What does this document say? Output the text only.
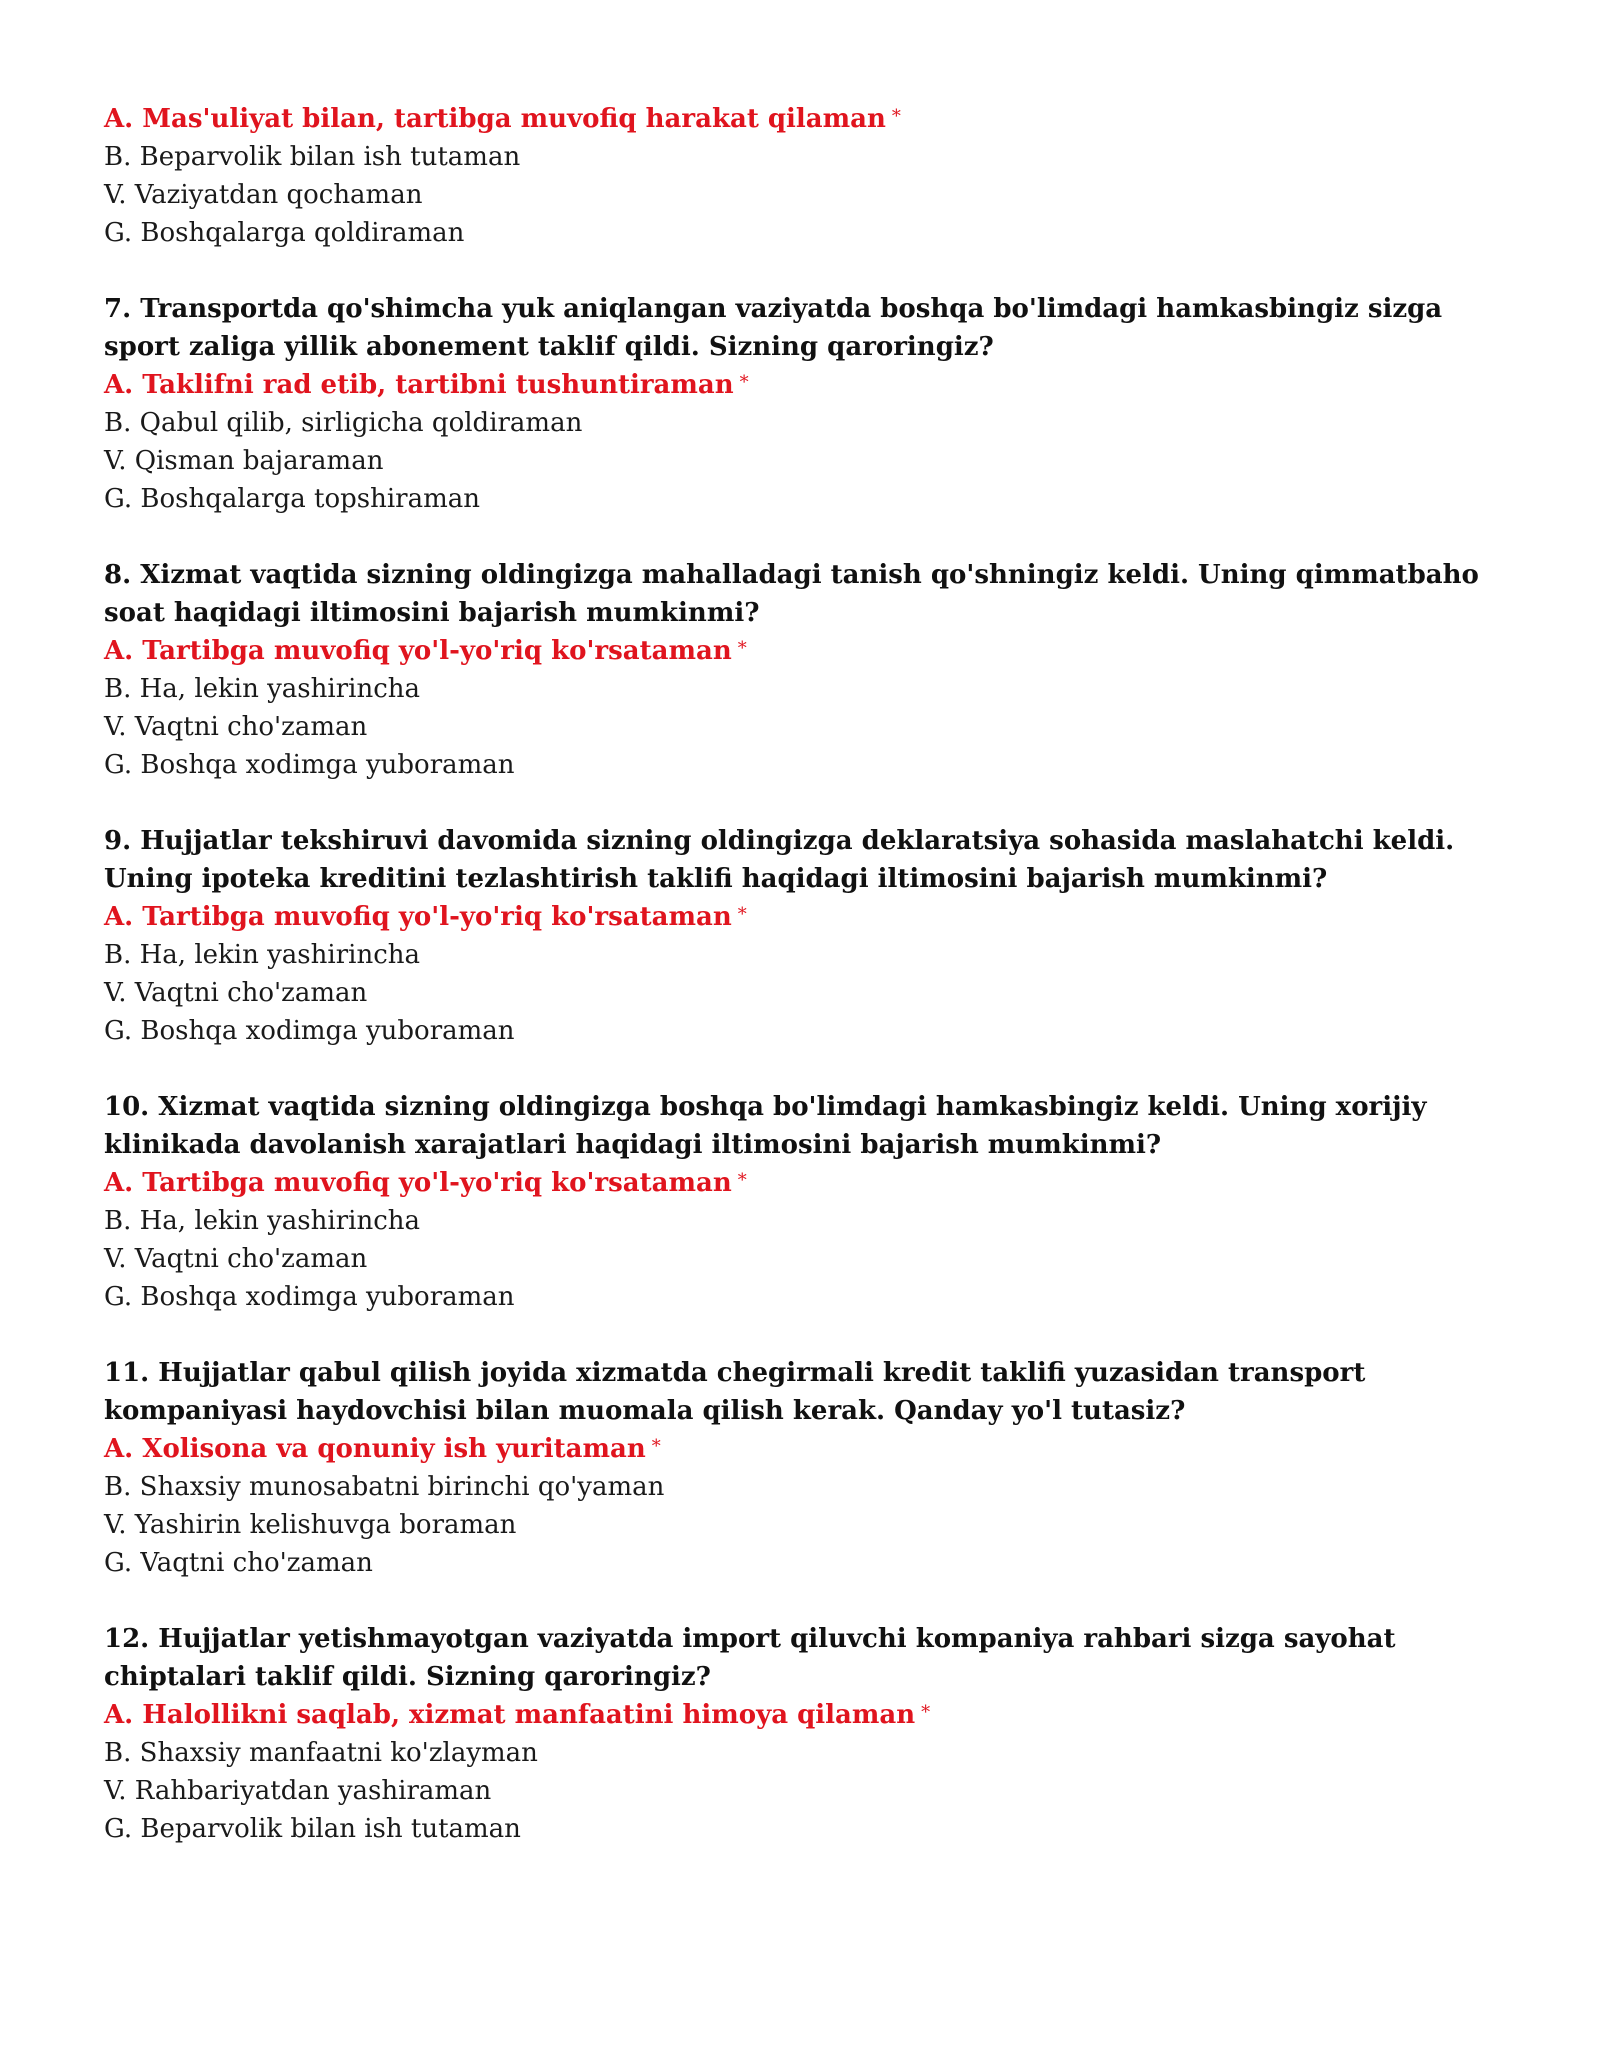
A. Mas'uliyat bilan, tartibga muvofiq harakat qilaman *

B. Beparvolik bilan ish tutaman

V. Vaziyatdan qochaman

G. Boshqalarga qoldiraman

7. Transportda qo'shimcha yuk aniqlangan vaziyatda boshqa bo'limdagi hamkasbingiz sizga sport zaliga yillik abonement taklif qildi. Sizning qaroringiz?

A. Taklifni rad etib, tartibni tushuntiraman *

B. Qabul qilib, sirligicha qoldiraman

V. Qisman bajaraman

G. Boshqalarga topshiraman

8. Xizmat vaqtida sizning oldingizga mahalladagi tanish qo'shningiz keldi. Uning qimmatbaho soat haqidagi iltimosini bajarish mumkinmi?

A. Tartibga muvofiq yo'l-yo'riq ko'rsataman *

B. Ha, lekin yashirincha

V. Vaqtni cho'zaman

G. Boshqa xodimga yuboraman

9. Hujjatlar tekshiruvi davomida sizning oldingizga deklaratsiya sohasida maslahatchi keldi. Uning ipoteka kreditini tezlashtirish taklifi haqidagi iltimosini bajarish mumkinmi?

A. Tartibga muvofiq yo'l-yo'riq ko'rsataman *

B. Ha, lekin yashirincha

V. Vaqtni cho'zaman

G. Boshqa xodimga yuboraman

10. Xizmat vaqtida sizning oldingizga boshqa bo'limdagi hamkasbingiz keldi. Uning xorijiy klinikada davolanish xarajatlari haqidagi iltimosini bajarish mumkinmi?

A. Tartibga muvofiq yo'l-yo'riq ko'rsataman *

B. Ha, lekin yashirincha

V. Vaqtni cho'zaman

G. Boshqa xodimga yuboraman

11. Hujjatlar qabul qilish joyida xizmatda chegirmali kredit taklifi yuzasidan transport kompaniyasi haydovchisi bilan muomala qilish kerak. Qanday yo'l tutasiz?

A. Xolisona va qonuniy ish yuritaman *

B. Shaxsiy munosabatni birinchi qo'yaman

V. Yashirin kelishuvga boraman

G. Vaqtni cho'zaman

12. Hujjatlar yetishmayotgan vaziyatda import qiluvchi kompaniya rahbari sizga sayohat chiptalari taklif qildi. Sizning qaroringiz?

A. Halollikni saqlab, xizmat manfaatini himoya qilaman *

B. Shaxsiy manfaatni ko'zlayman

V. Rahbariyatdan yashiraman

G. Beparvolik bilan ish tutaman
